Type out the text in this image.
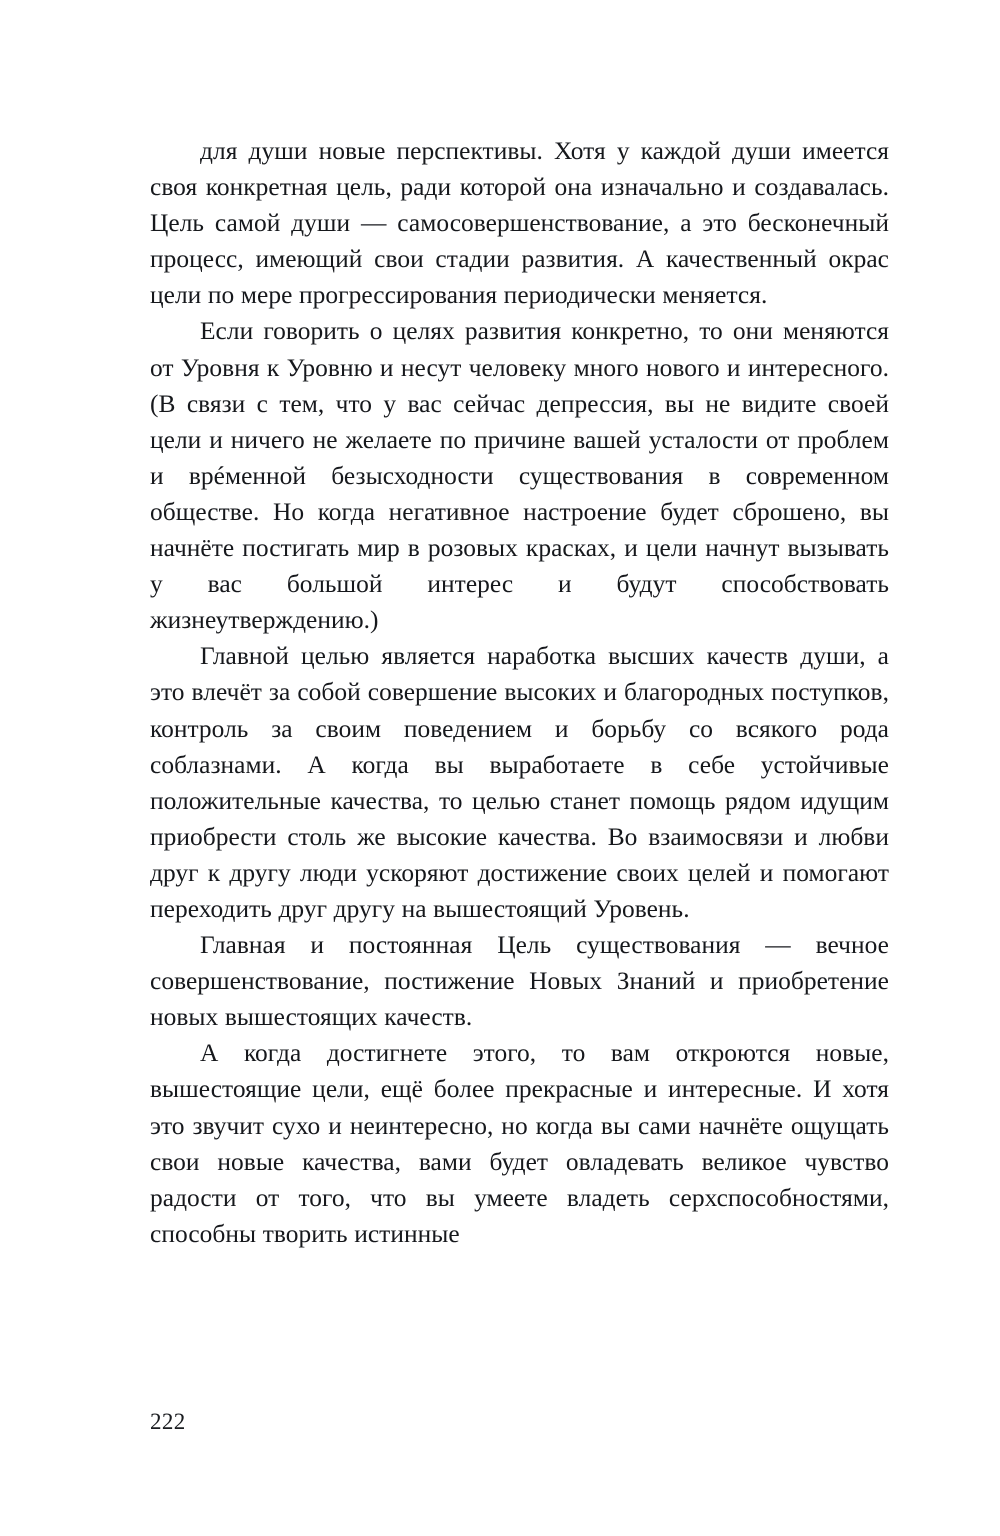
для души новые перспективы. Хотя у каждой души имеется своя конкретная цель, ради которой она изначально и создавалась. Цель самой души — самосовершенствование, а это бесконечный процесс, имеющий свои стадии развития. А качественный окрас цели по мере прогрессирования периодически меняется.

Если говорить о целях развития конкретно, то они меняются от Уровня к Уровню и несут человеку много нового и интересного. (В связи с тем, что у вас сейчас депрессия, вы не видите своей цели и ничего не желаете по причине вашей усталости от проблем и врéменной безысходности существования в современном обществе. Но когда негативное настроение будет сброшено, вы начнёте постигать мир в розовых красках, и цели начнут вызывать у вас большой интерес и будут способствовать жизнеутверждению.)

Главной целью является наработка высших качеств души, а это влечёт за собой совершение высоких и благородных поступков, контроль за своим поведением и борьбу со всякого рода соблазнами. А когда вы выработаете в себе устойчивые положительные качества, то целью станет помощь рядом идущим приобрести столь же высокие качества. Во взаимосвязи и любви друг к другу люди ускоряют достижение своих целей и помогают переходить друг другу на вышестоящий Уровень.

Главная и постоянная Цель существования — вечное совершенствование, постижение Новых Знаний и приобретение новых вышестоящих качеств.

А когда достигнете этого, то вам откроются новые, вышестоящие цели, ещё более прекрасные и интересные. И хотя это звучит сухо и неинтересно, но когда вы сами начнёте ощущать свои новые качества, вами будет овладевать великое чувство радости от того, что вы умеете владеть серхспособностями, способны творить истинные

222
